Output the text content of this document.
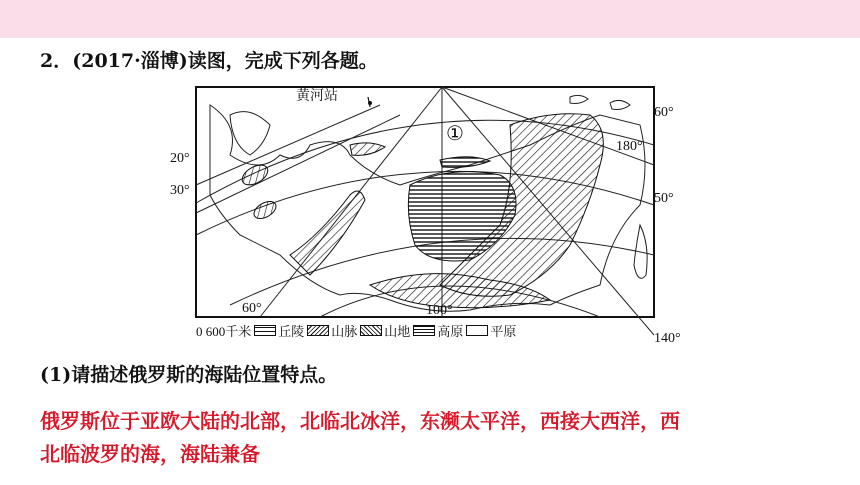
2．(2017·淄博)读图，完成下列各题。
黄河站
①
20°
30°
60°
50°
60°	100°
180°
140°
0 600千米 丘陵 山脉 山地 高原 平原
(1)请描述俄罗斯的海陆位置特点。
俄罗斯位于亚欧大陆的北部，北临北冰洋，东濒太平洋，西接大西洋，西
北临波罗的海，海陆兼备
